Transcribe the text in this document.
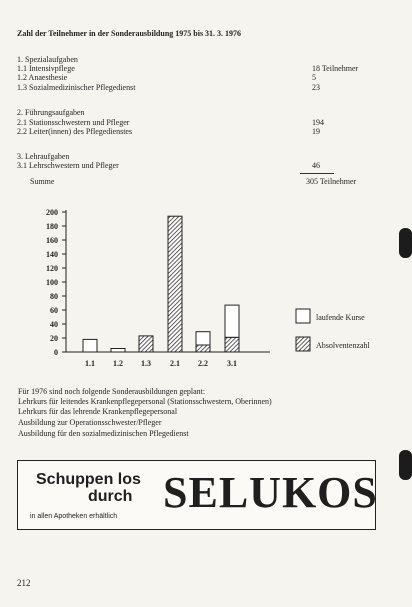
Zahl der Teilnehmer in der Sonderausbildung 1975 bis 31. 3. 1976
1. Spezialaufgaben
1.1 Intensivpflege	18 Teilnehmer
1.2 Anaesthesie	5
1.3 Sozialmedizinischer Pflegedienst	23
2. Führungsaufgaben
2.1 Stationsschwestern und Pfleger	194
2.2 Leiter(innen) des Pflegedienstes	19
3. Lehraufgaben
3.1 Lehrschwestern und Pfleger	46
Summe	305 Teilnehmer
200
180
160
140
120
100
80
60
40
20
0
1.1 1.2 1.3 2.1 2.2 3.1
laufende Kurse
Absolventenzahl
Für 1976 sind noch folgende Sonderausbildungen geplant:
Lehrkurs für leitendes Krankenpflegepersonal (Stationsschwestern, Oberinnen)
Lehrkurs für das lehrende Krankenpflegepersonal
Ausbildung zur Operationsschwester/Pfleger
Ausbildung für den sozialmedizinischen Pflegedienst
Schuppen los
durch
in allen Apotheken erhältlich SELUKOS
212
